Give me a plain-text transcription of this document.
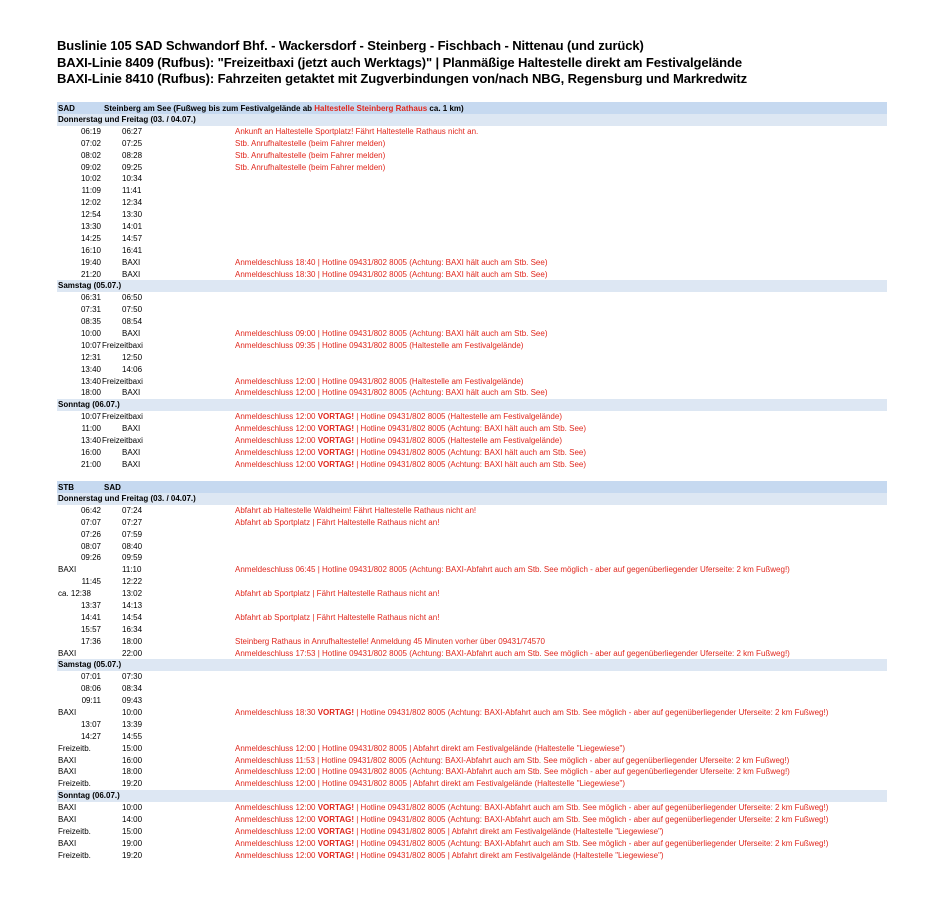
Buslinie 105 SAD Schwandorf Bhf. - Wackersdorf - Steinberg - Fischbach - Nittenau (und zurück)
BAXI-Linie 8409 (Rufbus): "Freizeitbaxi (jetzt auch Werktags)" | Planmäßige Haltestelle direkt am Festivalgelände
BAXI-Linie 8410 (Rufbus): Fahrzeiten getaktet mit Zugverbindungen von/nach NBG, Regensburg und Markredwitz
SAD	Steinberg am See (Fußweg bis zum Festivalgelände ab Haltestelle Steinberg Rathaus ca. 1 km)
Donnerstag und Freitag (03. / 04.07.)
06:19	06:27	Ankunft an Haltestelle Sportplatz! Fährt Haltestelle Rathaus nicht an.
07:02	07:25	Stb. Anrufhaltestelle (beim Fahrer melden)
08:02	08:28	Stb. Anrufhaltestelle (beim Fahrer melden)
09:02	09:25	Stb. Anrufhaltestelle (beim Fahrer melden)
10:02	10:34
11:09	11:41
12:02	12:34
12:54	13:30
13:30	14:01
14:25	14:57
16:10	16:41
19:40	BAXI	Anmeldeschluss 18:40 | Hotline 09431/802 8005 (Achtung: BAXI hält auch am Stb. See)
21:20	BAXI	Anmeldeschluss 18:30 | Hotline 09431/802 8005 (Achtung: BAXI hält auch am Stb. See)
Samstag (05.07.)
06:31	06:50
07:31	07:50
08:35	08:54
10:00	BAXI	Anmeldeschluss 09:00 | Hotline 09431/802 8005 (Achtung: BAXI hält auch am Stb. See)
10:07 Freizeitbaxi	Anmeldeschluss 09:35 | Hotline 09431/802 8005 (Haltestelle am Festivalgelände)
12:31	12:50
13:40	14:06
13:40 Freizeitbaxi	Anmeldeschluss 12:00 | Hotline 09431/802 8005 (Haltestelle am Festivalgelände)
18:00	BAXI	Anmeldeschluss 12:00 | Hotline 09431/802 8005 (Achtung: BAXI hält auch am Stb. See)
Sonntag (06.07.)
10:07 Freizeitbaxi	Anmeldeschluss 12:00 VORTAG! | Hotline 09431/802 8005 (Haltestelle am Festivalgelände)
11:00	BAXI	Anmeldeschluss 12:00 VORTAG! | Hotline 09431/802 8005 (Achtung: BAXI hält auch am Stb. See)
13:40 Freizeitbaxi	Anmeldeschluss 12:00 VORTAG! | Hotline 09431/802 8005 (Haltestelle am Festivalgelände)
16:00	BAXI	Anmeldeschluss 12:00 VORTAG! | Hotline 09431/802 8005 (Achtung: BAXI hält auch am Stb. See)
21:00	BAXI	Anmeldeschluss 12:00 VORTAG! | Hotline 09431/802 8005 (Achtung: BAXI hält auch am Stb. See)
STB	SAD
Donnerstag und Freitag (03. / 04.07.)
06:42	07:24	Abfahrt ab Haltestelle Waldheim! Fährt Haltestelle Rathaus nicht an!
07:07	07:27	Abfahrt ab Sportplatz | Fährt Haltestelle Rathaus nicht an!
07:26	07:59
08:07	08:40
09:26	09:59
BAXI	11:10	Anmeldeschluss 06:45 | Hotline 09431/802 8005 (Achtung: BAXI-Abfahrt auch am Stb. See möglich - aber auf gegenüberliegender Uferseite: 2 km Fußweg!)
11:45	12:22
ca. 12:38	13:02	Abfahrt ab Sportplatz | Fährt Haltestelle Rathaus nicht an!
13:37	14:13
14:41	14:54	Abfahrt ab Sportplatz | Fährt Haltestelle Rathaus nicht an!
15:57	16:34
17:36	18:00	Steinberg Rathaus in Anrufhaltestelle! Anmeldung 45 Minuten vorher über 09431/74570
BAXI	22:00	Anmeldeschluss 17:53 | Hotline 09431/802 8005 (Achtung: BAXI-Abfahrt auch am Stb. See möglich - aber auf gegenüberliegender Uferseite: 2 km Fußweg!)
Samstag (05.07.)
07:01	07:30
08:06	08:34
09:11	09:43
BAXI	10:00	Anmeldeschluss 18:30 VORTAG! | Hotline 09431/802 8005 (Achtung: BAXI-Abfahrt auch am Stb. See möglich - aber auf gegenüberliegender Uferseite: 2 km Fußweg!)
13:07	13:39
14:27	14:55
Freizeitb.	15:00	Anmeldeschluss 12:00 | Hotline 09431/802 8005 | Abfahrt direkt am Festivalgelände (Haltestelle "Liegewiese")
BAXI	16:00	Anmeldeschluss 11:53 | Hotline 09431/802 8005 (Achtung: BAXI-Abfahrt auch am Stb. See möglich - aber auf gegenüberliegender Uferseite: 2 km Fußweg!)
BAXI	18:00	Anmeldeschluss 12:00 | Hotline 09431/802 8005 (Achtung: BAXI-Abfahrt auch am Stb. See möglich - aber auf gegenüberliegender Uferseite: 2 km Fußweg!)
Freizeitb.	19:20	Anmeldeschluss 12:00 | Hotline 09431/802 8005 | Abfahrt direkt am Festivalgelände (Haltestelle "Liegewiese")
Sonntag (06.07.)
BAXI	10:00	Anmeldeschluss 12:00 VORTAG! | Hotline 09431/802 8005 (Achtung: BAXI-Abfahrt auch am Stb. See möglich - aber auf gegenüberliegender Uferseite: 2 km Fußweg!)
BAXI	14:00	Anmeldeschluss 12:00 VORTAG! | Hotline 09431/802 8005 (Achtung: BAXI-Abfahrt auch am Stb. See möglich - aber auf gegenüberliegender Uferseite: 2 km Fußweg!)
Freizeitb.	15:00	Anmeldeschluss 12:00 VORTAG! | Hotline 09431/802 8005 | Abfahrt direkt am Festivalgelände (Haltestelle "Liegewiese")
BAXI	19:00	Anmeldeschluss 12:00 VORTAG! | Hotline 09431/802 8005 (Achtung: BAXI-Abfahrt auch am Stb. See möglich - aber auf gegenüberliegender Uferseite: 2 km Fußweg!)
Freizeitb.	19:20	Anmeldeschluss 12:00 VORTAG! | Hotline 09431/802 8005 | Abfahrt direkt am Festivalgelände (Haltestelle "Liegewiese")
